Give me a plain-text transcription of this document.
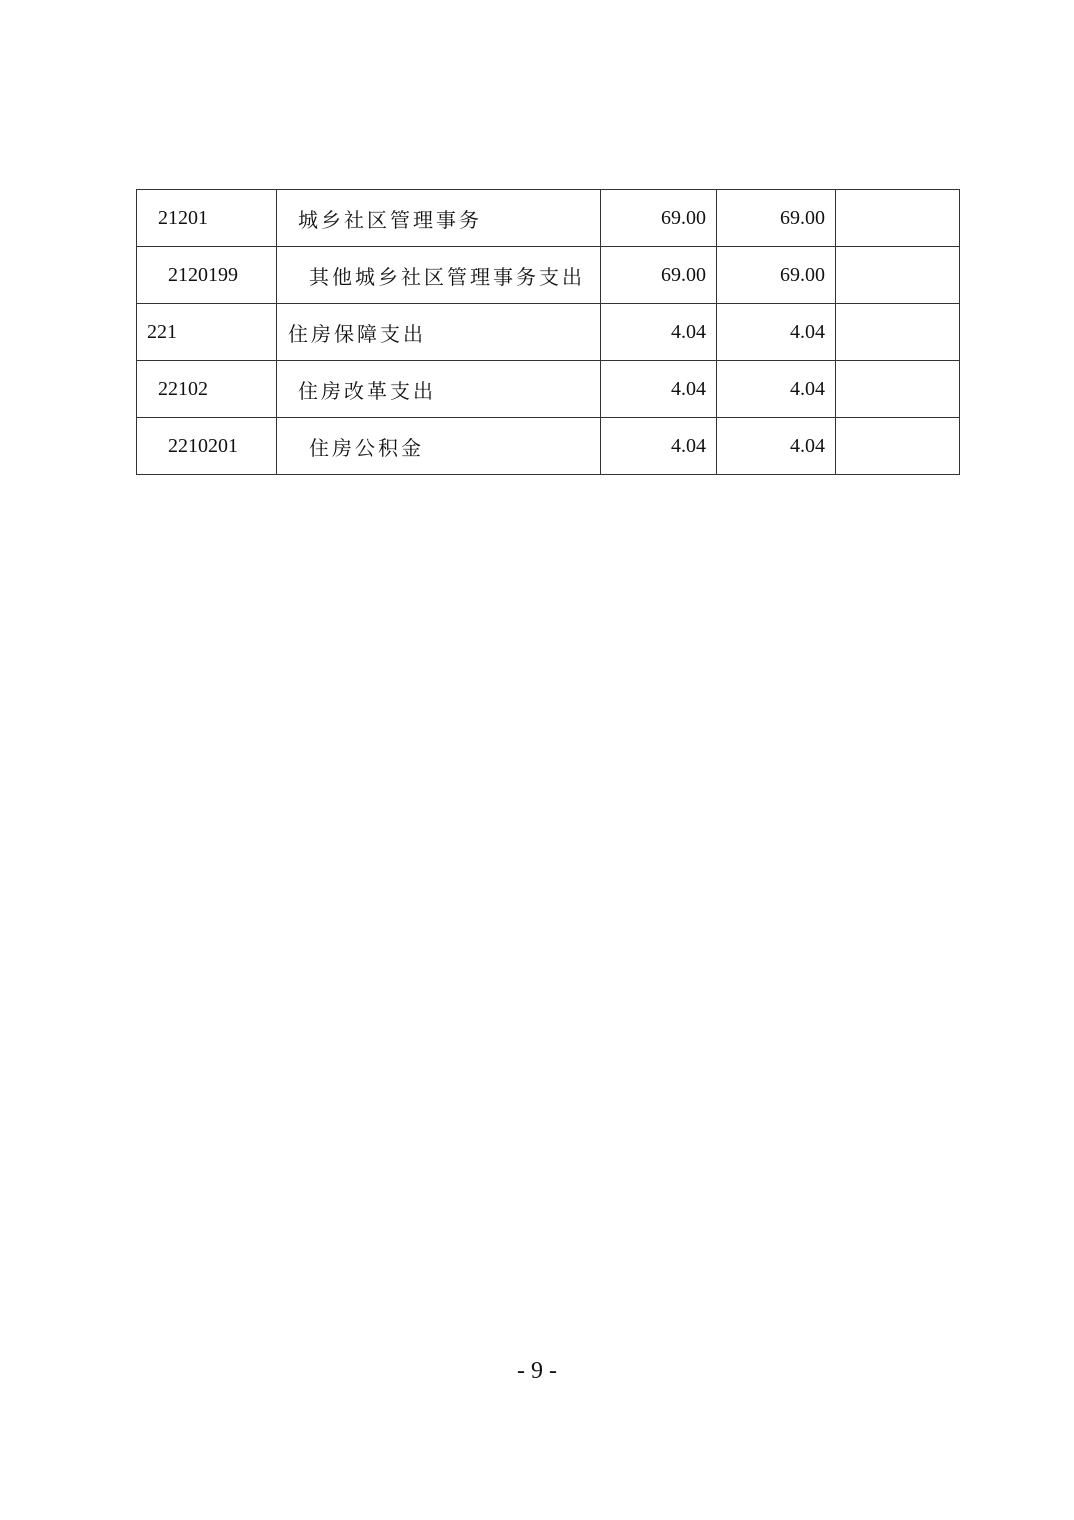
21201	城乡社区管理事务	69.00	69.00	
2120199	其他城乡社区管理事务支出	69.00	69.00	
221	住房保障支出	4.04	4.04	
22102	住房改革支出	4.04	4.04	
2210201	住房公积金	4.04	4.04	
- 9 -
